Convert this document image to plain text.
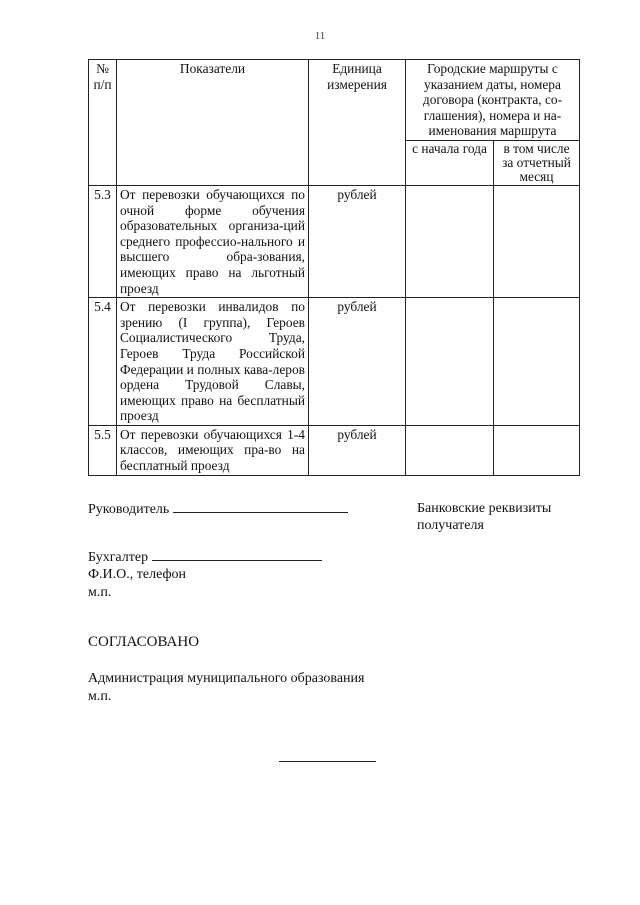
11
№ п/п	Показатели	Единица измерения	Городские маршруты с указанием даты, номера договора (контракта, со-глашения), номера и на-именования маршрута	
			с начала года	в том числе за отчетный месяц
5.3	От перевозки обучающихся по очной форме обучения образовательных организа-ций среднего профессио-нального и высшего обра-зования, имеющих право на льготный проезд	рублей		
5.4	От перевозки инвалидов по зрению (I группа), Героев Социалистического Труда, Героев Труда Российской Федерации и полных кава-леров ордена Трудовой Славы, имеющих право на бесплатный проезд	рублей		
5.5	От перевозки обучающихся 1-4 классов, имеющих пра-во на бесплатный проезд	рублей		
Руководитель	Банковские реквизиты получателя
Бухгалтер
Ф.И.О., телефон
м.п.
СОГЛАСОВАНО
Администрация муниципального образования
м.п.
